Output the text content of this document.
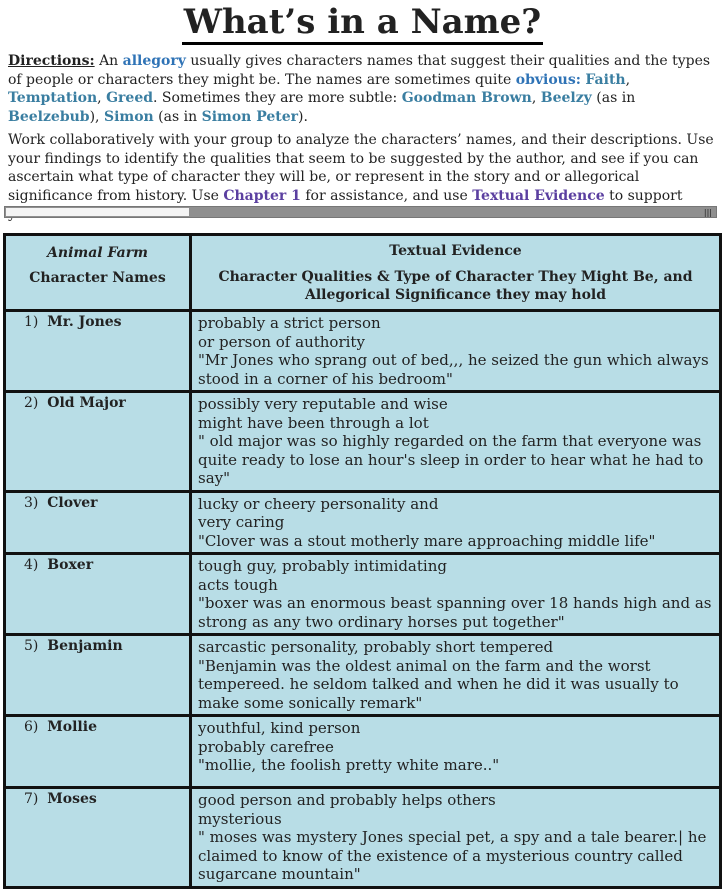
What’s in a Name?
Directions: An allegory usually gives characters names that suggest their qualities and the types of people or characters they might be. The names are sometimes quite obvious: Faith, Temptation, Greed. Sometimes they are more subtle: Goodman Brown, Beelzy (as in Beelzebub), Simon (as in Simon Peter).
Work collaboratively with your group to analyze the characters’ names, and their descriptions. Use your findings to identify the qualities that seem to be suggested by the author, and see if you can ascertain what type of character they will be, or represent in the story and or allegorical significance from history. Use Chapter 1 for assistance, and use Textual Evidence to support
|||
Animal Farm
Character Names	Textual Evidence
Character Qualities & Type of Character They Might Be, and Allegorical Significance they may hold

1) Mr. Jones	probably a strict person
or person of authority
"Mr Jones who sprang out of bed,,, he seized the gun which always stood in a corner of his bedroom"

2) Old Major	possibly very reputable and wise
might have been through a lot
" old major was so highly regarded on the farm that everyone was quite ready to lose an hour's sleep in order to hear what he had to say"

3) Clover	lucky or cheery personality and
very caring
"Clover was a stout motherly mare approaching middle life"

4) Boxer	tough guy, probably intimidating
acts tough
"boxer was an enormous beast spanning over 18 hands high and as strong as any two ordinary horses put together"

5) Benjamin	sarcastic personality, probably short tempered
"Benjamin was the oldest animal on the farm and the worst tempereed. he seldom talked and when he did it was usually to make some sonically remark"

6) Mollie	youthful, kind person
probably carefree
"mollie, the foolish pretty white mare.."

7) Moses	good person and probably helps others
mysterious
" moses was mystery Jones special pet, a spy and a tale bearer.| he claimed to know of the existence of a mysterious country called sugarcane mountain"
